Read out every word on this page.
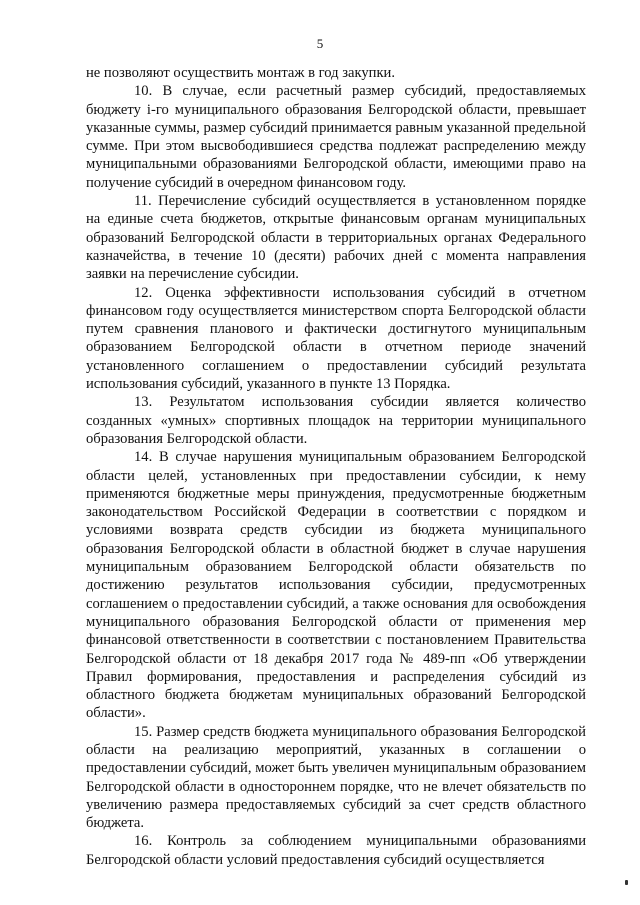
5

не позволяют осуществить монтаж в год закупки.

10. В случае, если расчетный размер субсидий, предоставляемых бюджету i-го муниципального образования Белгородской области, превышает указанные суммы, размер субсидий принимается равным указанной предельной сумме. При этом высвободившиеся средства подлежат распределению между муниципальными образованиями Белгородской области, имеющими право на получение субсидий в очередном финансовом году.

11. Перечисление субсидий осуществляется в установленном порядке на единые счета бюджетов, открытые финансовым органам муниципальных образований Белгородской области в территориальных органах Федерального казначейства, в течение 10 (десяти) рабочих дней с момента направления заявки на перечисление субсидии.

12. Оценка эффективности использования субсидий в отчетном финансовом году осуществляется министерством спорта Белгородской области путем сравнения планового и фактически достигнутого муниципальным образованием Белгородской области в отчетном периоде значений установленного соглашением о предоставлении субсидий результата использования субсидий, указанного в пункте 13 Порядка.

13. Результатом использования субсидии является количество созданных «умных» спортивных площадок на территории муниципального образования Белгородской области.

14. В случае нарушения муниципальным образованием Белгородской области целей, установленных при предоставлении субсидии, к нему применяются бюджетные меры принуждения, предусмотренные бюджетным законодательством Российской Федерации в соответствии с порядком и условиями возврата средств субсидии из бюджета муниципального образования Белгородской области в областной бюджет в случае нарушения муниципальным образованием Белгородской области обязательств по достижению результатов использования субсидии, предусмотренных соглашением о предоставлении субсидий, а также основания для освобождения муниципального образования Белгородской области от применения мер финансовой ответственности в соответствии с постановлением Правительства Белгородской области от 18 декабря 2017 года № 489-пп «Об утверждении Правил формирования, предоставления и распределения субсидий из областного бюджета бюджетам муниципальных образований Белгородской области».

15. Размер средств бюджета муниципального образования Белгородской области на реализацию мероприятий, указанных в соглашении о предоставлении субсидий, может быть увеличен муниципальным образованием Белгородской области в одностороннем порядке, что не влечет обязательств по увеличению размера предоставляемых субсидий за счет средств областного бюджета.

16. Контроль за соблюдением муниципальными образованиями Белгородской области условий предоставления субсидий осуществляется
